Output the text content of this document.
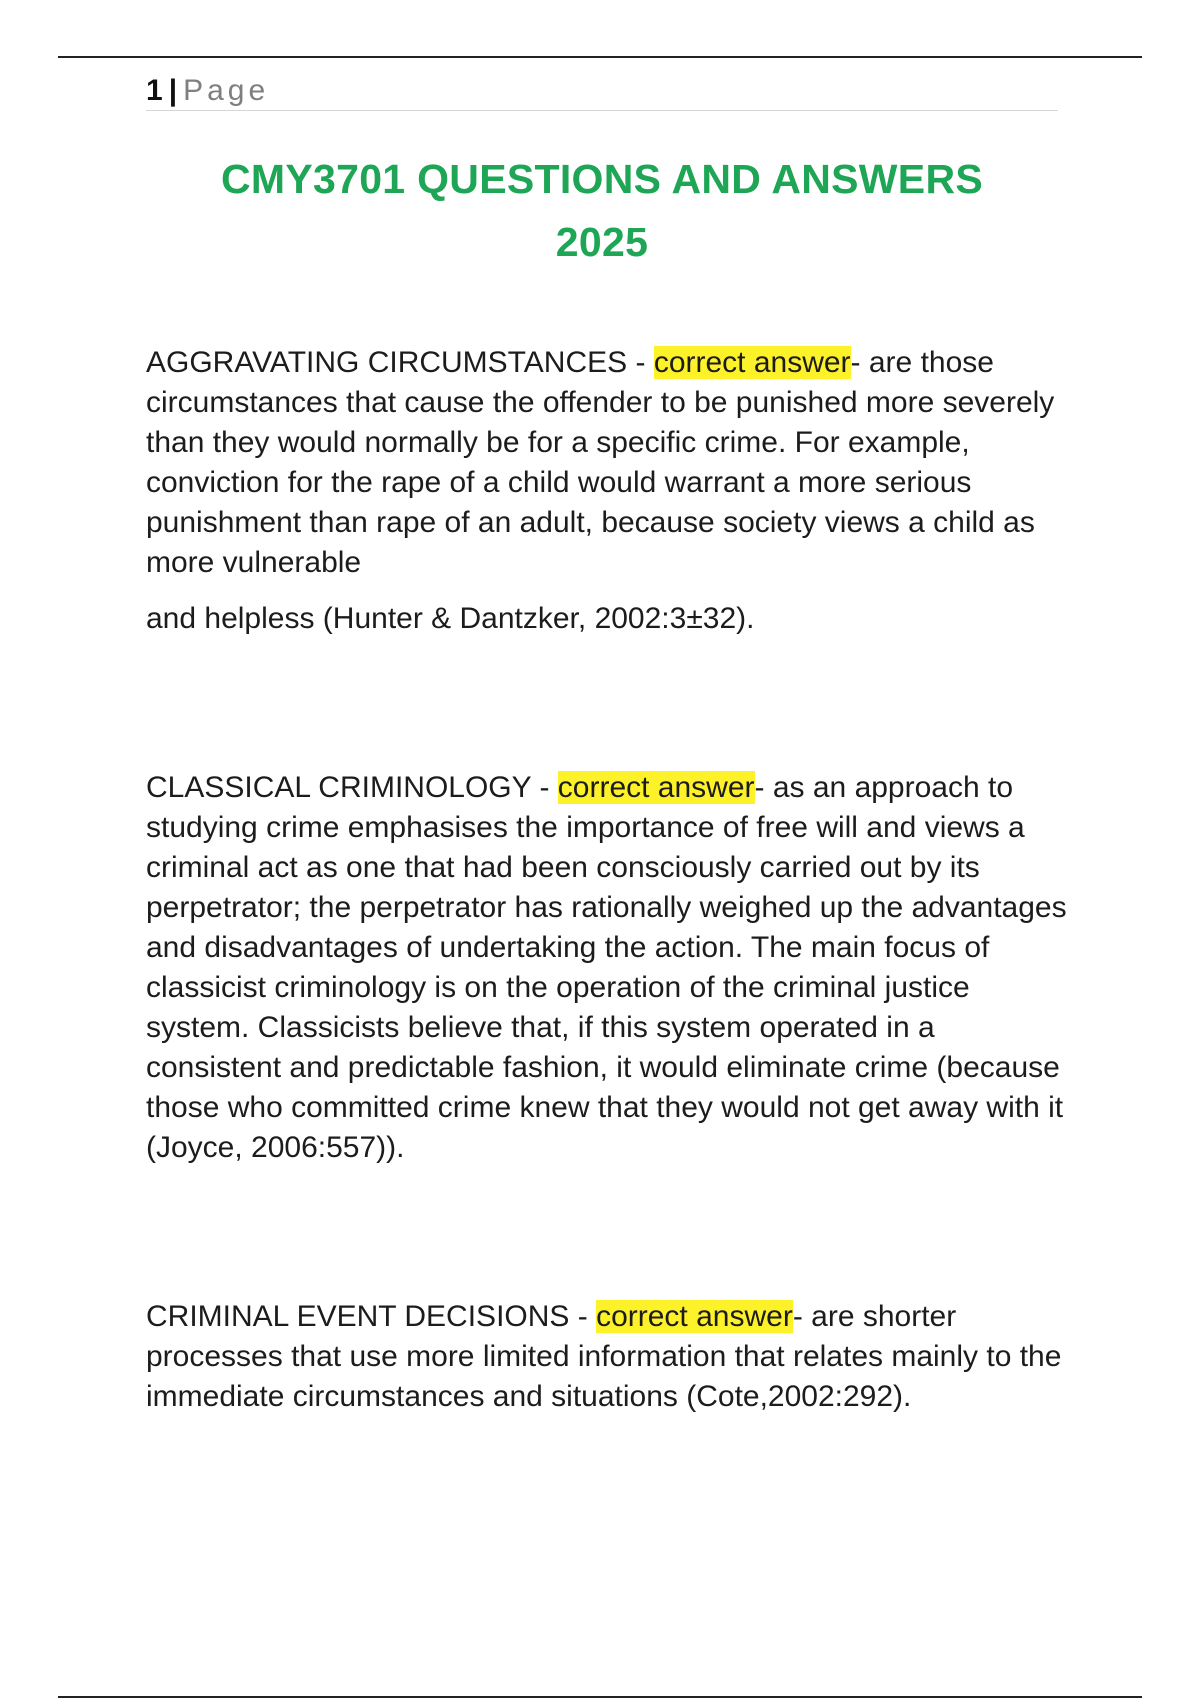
1 | Page
CMY3701 QUESTIONS AND ANSWERS
2025

AGGRAVATING CIRCUMSTANCES - correct answer- are those circumstances that cause the offender to be punished more severely than they would normally be for a specific crime. For example, conviction for the rape of a child would warrant a more serious punishment than rape of an adult, because society views a child as more vulnerable
and helpless (Hunter & Dantzker, 2002:3±32).

CLASSICAL CRIMINOLOGY - correct answer- as an approach to studying crime emphasises the importance of free will and views a criminal act as one that had been consciously carried out by its perpetrator; the perpetrator has rationally weighed up the advantages and disadvantages of undertaking the action. The main focus of classicist criminology is on the operation of the criminal justice system. Classicists believe that, if this system operated in a consistent and predictable fashion, it would eliminate crime (because those who committed crime knew that they would not get away with it (Joyce, 2006:557)).

CRIMINAL EVENT DECISIONS - correct answer- are shorter processes that use more limited information that relates mainly to the immediate circumstances and situations (Cote,2002:292).
